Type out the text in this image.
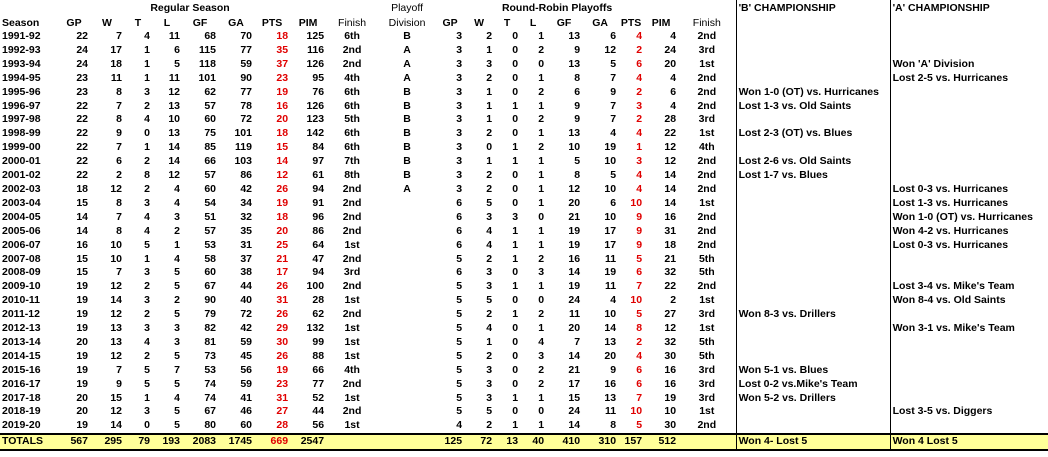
		Regular Season								Playoff	Round-Robin Playoffs									'B' CHAMPIONSHIP	'A' CHAMPIONSHIP
Season	GP	W	T	L	GF	GA	PTS	PIM	Finish	Division	GP	W	T	L	GF	GA	PTS	PIM	Finish		
1991-92	22	7	4	11	68	70	18	125	6th	B	3	2	0	1	13	6	4	4	2nd		
1992-93	24	17	1	6	115	77	35	116	2nd	A	3	1	0	2	9	12	2	24	3rd		
1993-94	24	18	1	5	118	59	37	126	2nd	A	3	3	0	0	13	5	6	20	1st		Won 'A' Division
1994-95	23	11	1	11	101	90	23	95	4th	A	3	2	0	1	8	7	4	4	2nd		Lost 2-5 vs. Hurricanes
1995-96	23	8	3	12	62	77	19	76	6th	B	3	1	0	2	6	9	2	6	2nd	Won 1-0 (OT) vs. Hurricanes	
1996-97	22	7	2	13	57	78	16	126	6th	B	3	1	1	1	9	7	3	4	2nd	Lost 1-3 vs. Old Saints	
1997-98	22	8	4	10	60	72	20	123	5th	B	3	1	0	2	9	7	2	28	3rd		
1998-99	22	9	0	13	75	101	18	142	6th	B	3	2	0	1	13	4	4	22	1st	Lost 2-3 (OT) vs. Blues	
1999-00	22	7	1	14	85	119	15	84	6th	B	3	0	1	2	10	19	1	12	4th		
2000-01	22	6	2	14	66	103	14	97	7th	B	3	1	1	1	5	10	3	12	2nd	Lost 2-6 vs. Old Saints	
2001-02	22	2	8	12	57	86	12	61	8th	B	3	2	0	1	8	5	4	14	2nd	Lost 1-7 vs. Blues	
2002-03	18	12	2	4	60	42	26	94	2nd	A	3	2	0	1	12	10	4	14	2nd		Lost 0-3 vs. Hurricanes
2003-04	15	8	3	4	54	34	19	91	2nd		6	5	0	1	20	6	10	14	1st		Lost 1-3 vs. Hurricanes
2004-05	14	7	4	3	51	32	18	96	2nd		6	3	3	0	21	10	9	16	2nd		Won 1-0 (OT) vs. Hurricanes
2005-06	14	8	4	2	57	35	20	86	2nd		6	4	1	1	19	17	9	31	2nd		Won 4-2 vs. Hurricanes
2006-07	16	10	5	1	53	31	25	64	1st		6	4	1	1	19	17	9	18	2nd		Lost 0-3 vs. Hurricanes
2007-08	15	10	1	4	58	37	21	47	2nd		5	2	1	2	16	11	5	21	5th		
2008-09	15	7	3	5	60	38	17	94	3rd		6	3	0	3	14	19	6	32	5th		
2009-10	19	12	2	5	67	44	26	100	2nd		5	3	1	1	19	11	7	22	2nd		Lost 3-4 vs. Mike's Team
2010-11	19	14	3	2	90	40	31	28	1st		5	5	0	0	24	4	10	2	1st		Won 8-4 vs. Old Saints
2011-12	19	12	2	5	79	72	26	62	2nd		5	2	1	2	11	10	5	27	3rd	Won 8-3 vs. Drillers	
2012-13	19	13	3	3	82	42	29	132	1st		5	4	0	1	20	14	8	12	1st		Won 3-1 vs. Mike's Team
2013-14	20	13	4	3	81	59	30	99	1st		5	1	0	4	7	13	2	32	5th		
2014-15	19	12	2	5	73	45	26	88	1st		5	2	0	3	14	20	4	30	5th		
2015-16	19	7	5	7	53	56	19	66	4th		5	3	0	2	21	9	6	16	3rd	Won 5-1 vs. Blues	
2016-17	19	9	5	5	74	59	23	77	2nd		5	3	0	2	17	16	6	16	3rd	Lost 0-2 vs.Mike's Team	
2017-18	20	15	1	4	74	41	31	52	1st		5	3	1	1	15	13	7	19	3rd	Won 5-2 vs. Drillers	
2018-19	20	12	3	5	67	46	27	44	2nd		5	5	0	0	24	11	10	10	1st		Lost 3-5 vs. Diggers
2019-20	19	14	0	5	80	60	28	56	1st		4	2	1	1	14	8	5	30	2nd		
TOTALS	567	295	79	193	2083	1745	669	2547			125	72	13	40	410	310	157	512		Won 4- Lost 5	Won 4 Lost 5
